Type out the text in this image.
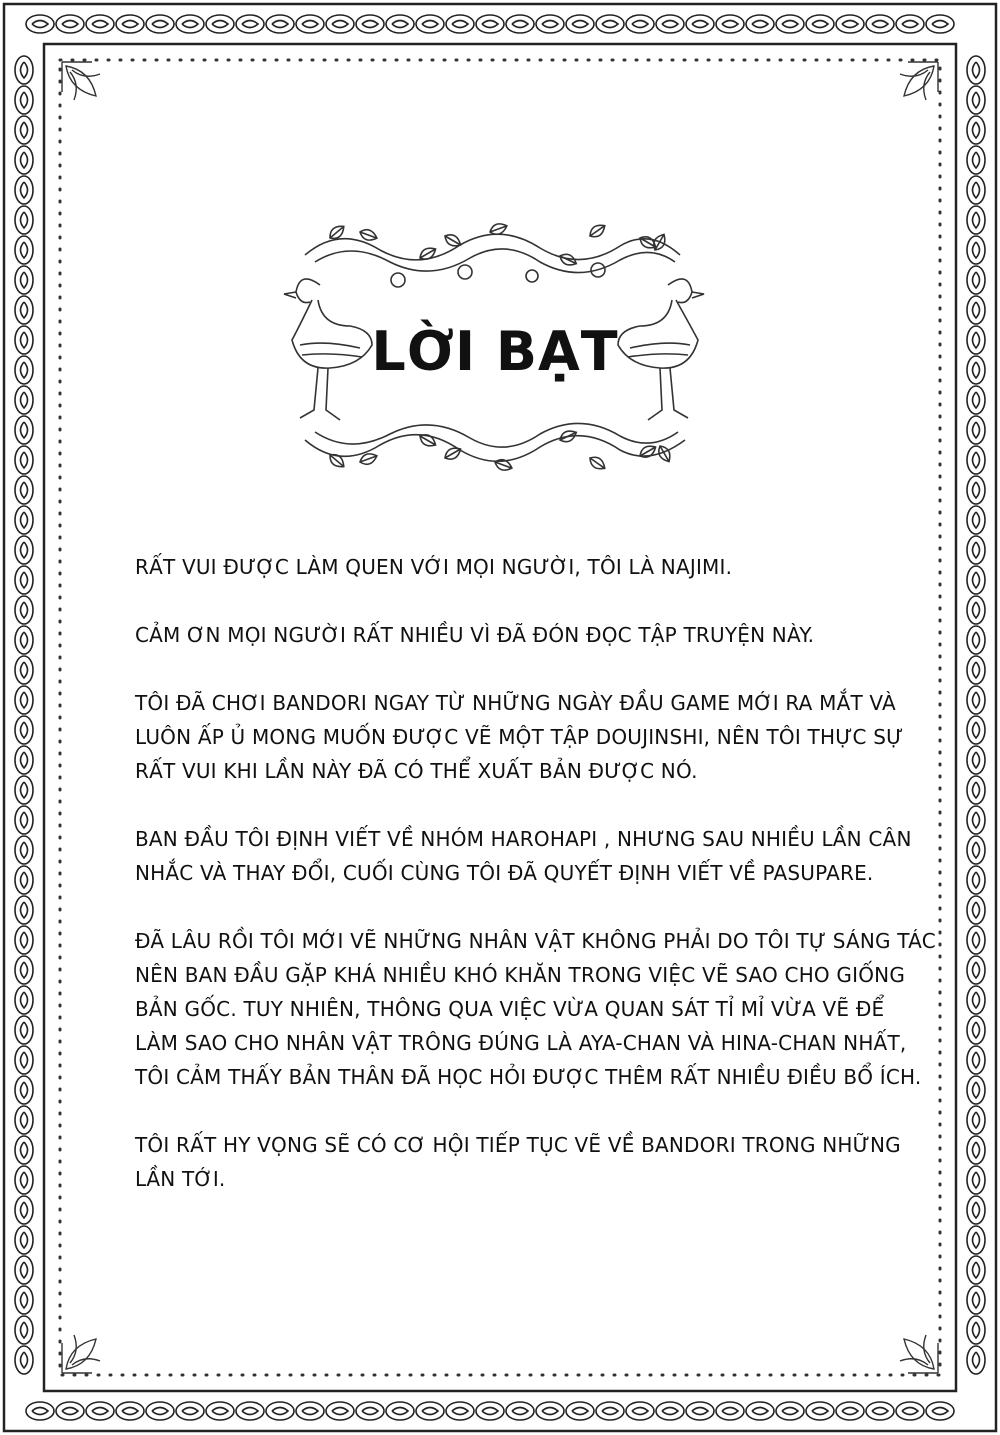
LỜI BẠT

RẤT VUI ĐƯỢC LÀM QUEN VỚI MỌI NGƯỜI, TÔI LÀ NAJIMI.

CẢM ƠN MỌI NGƯỜI RẤT NHIỀU VÌ ĐÃ ĐÓN ĐỌC TẬP TRUYỆN NÀY.

TÔI ĐÃ CHƠI BANDORI NGAY TỪ NHỮNG NGÀY ĐẦU GAME MỚI RA MẮT VÀ
LUÔN ẤP Ủ MONG MUỐN ĐƯỢC VẼ MỘT TẬP DOUJINSHI, NÊN TÔI THỰC SỰ
RẤT VUI KHI LẦN NÀY ĐÃ CÓ THỂ XUẤT BẢN ĐƯỢC NÓ.

BAN ĐẦU TÔI ĐỊNH VIẾT VỀ NHÓM HAROHAPI , NHƯNG SAU NHIỀU LẦN CÂN
NHẮC VÀ THAY ĐỔI, CUỐI CÙNG TÔI ĐÃ QUYẾT ĐỊNH VIẾT VỀ PASUPARE.

ĐÃ LÂU RỒI TÔI MỚI VẼ NHỮNG NHÂN VẬT KHÔNG PHẢI DO TÔI TỰ SÁNG TÁC
NÊN BAN ĐẦU GẶP KHÁ NHIỀU KHÓ KHĂN TRONG VIỆC VẼ SAO CHO GIỐNG
BẢN GỐC. TUY NHIÊN, THÔNG QUA VIỆC VỪA QUAN SÁT TỈ MỈ VỪA VẼ ĐỂ
LÀM SAO CHO NHÂN VẬT TRÔNG ĐÚNG LÀ AYA-CHAN VÀ HINA-CHAN NHẤT,
TÔI CẢM THẤY BẢN THÂN ĐÃ HỌC HỎI ĐƯỢC THÊM RẤT NHIỀU ĐIỀU BỔ ÍCH.

TÔI RẤT HY VỌNG SẼ CÓ CƠ HỘI TIẾP TỤC VẼ VỀ BANDORI TRONG NHỮNG
LẦN TỚI.
